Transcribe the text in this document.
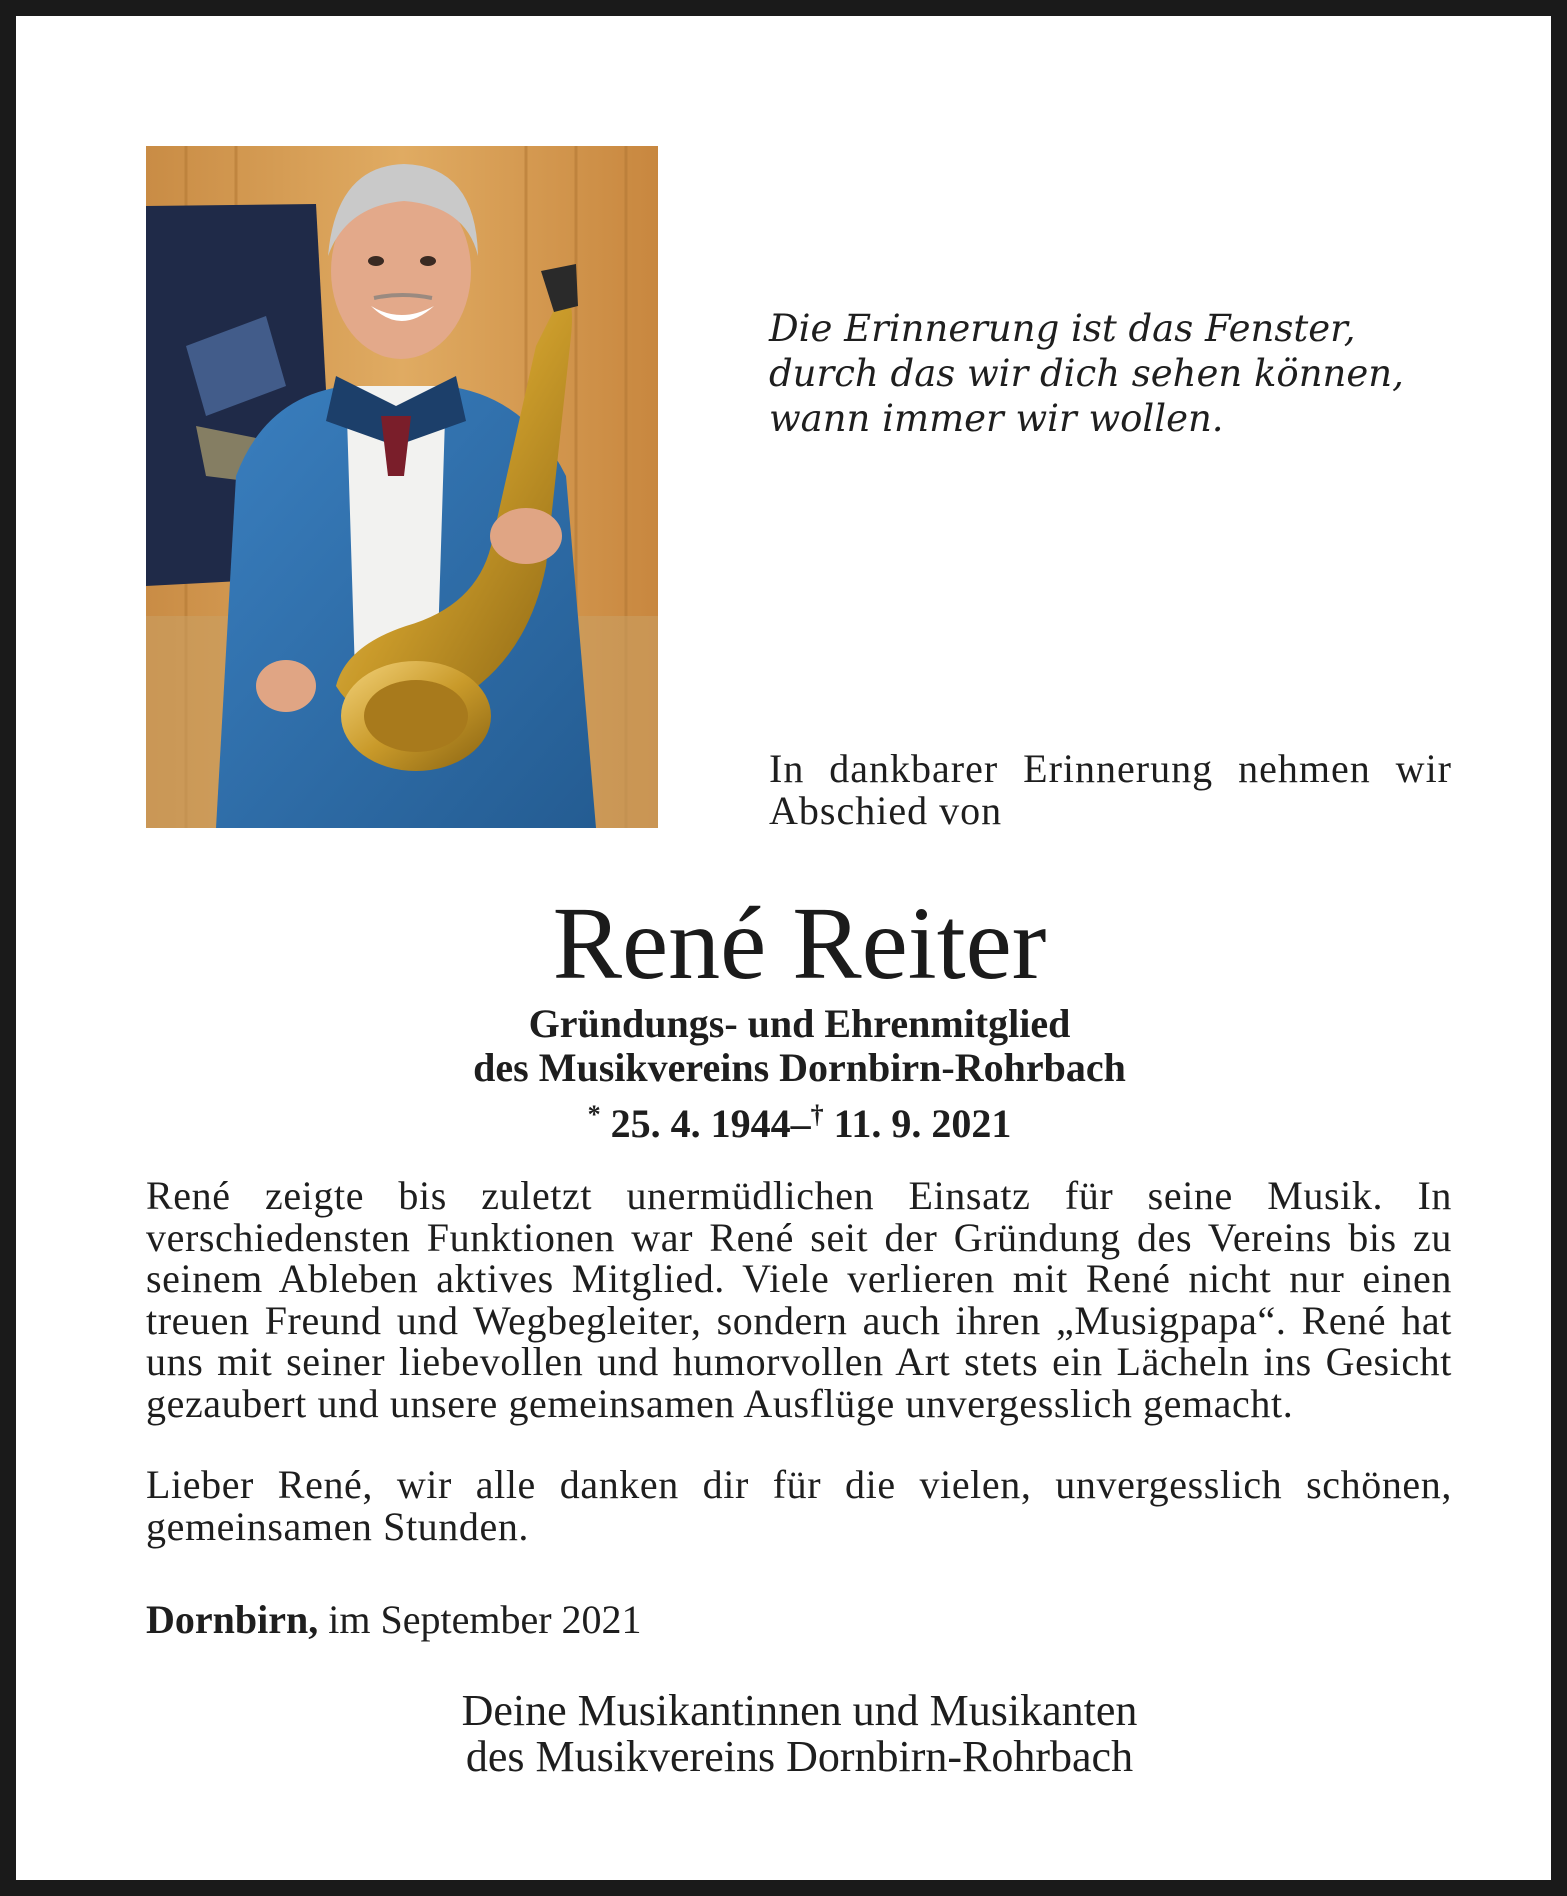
Die Erinnerung ist das Fenster,
durch das wir dich sehen können,
wann immer wir wollen.
In dankbarer Erinnerung nehmen wir Abschied von
René Reiter
Gründungs- und Ehrenmitglied
des Musikvereins Dornbirn-Rohrbach
* 25. 4. 1944–† 11. 9. 2021

René zeigte bis zuletzt unermüdlichen Einsatz für seine Musik. In verschiedensten Funktionen war René seit der Gründung des Vereins bis zu seinem Ableben aktives Mitglied. Viele verlieren mit René nicht nur einen treuen Freund und Wegbegleiter, sondern auch ihren „Musigpapa“. René hat uns mit seiner liebevollen und humorvollen Art stets ein Lächeln ins Gesicht gezaubert und unsere gemeinsamen Ausflüge unvergesslich gemacht.

Lieber René, wir alle danken dir für die vielen, unvergesslich schönen, gemeinsamen Stunden.

Dornbirn, im September 2021
Deine Musikantinnen und Musikanten
des Musikvereins Dornbirn-Rohrbach
